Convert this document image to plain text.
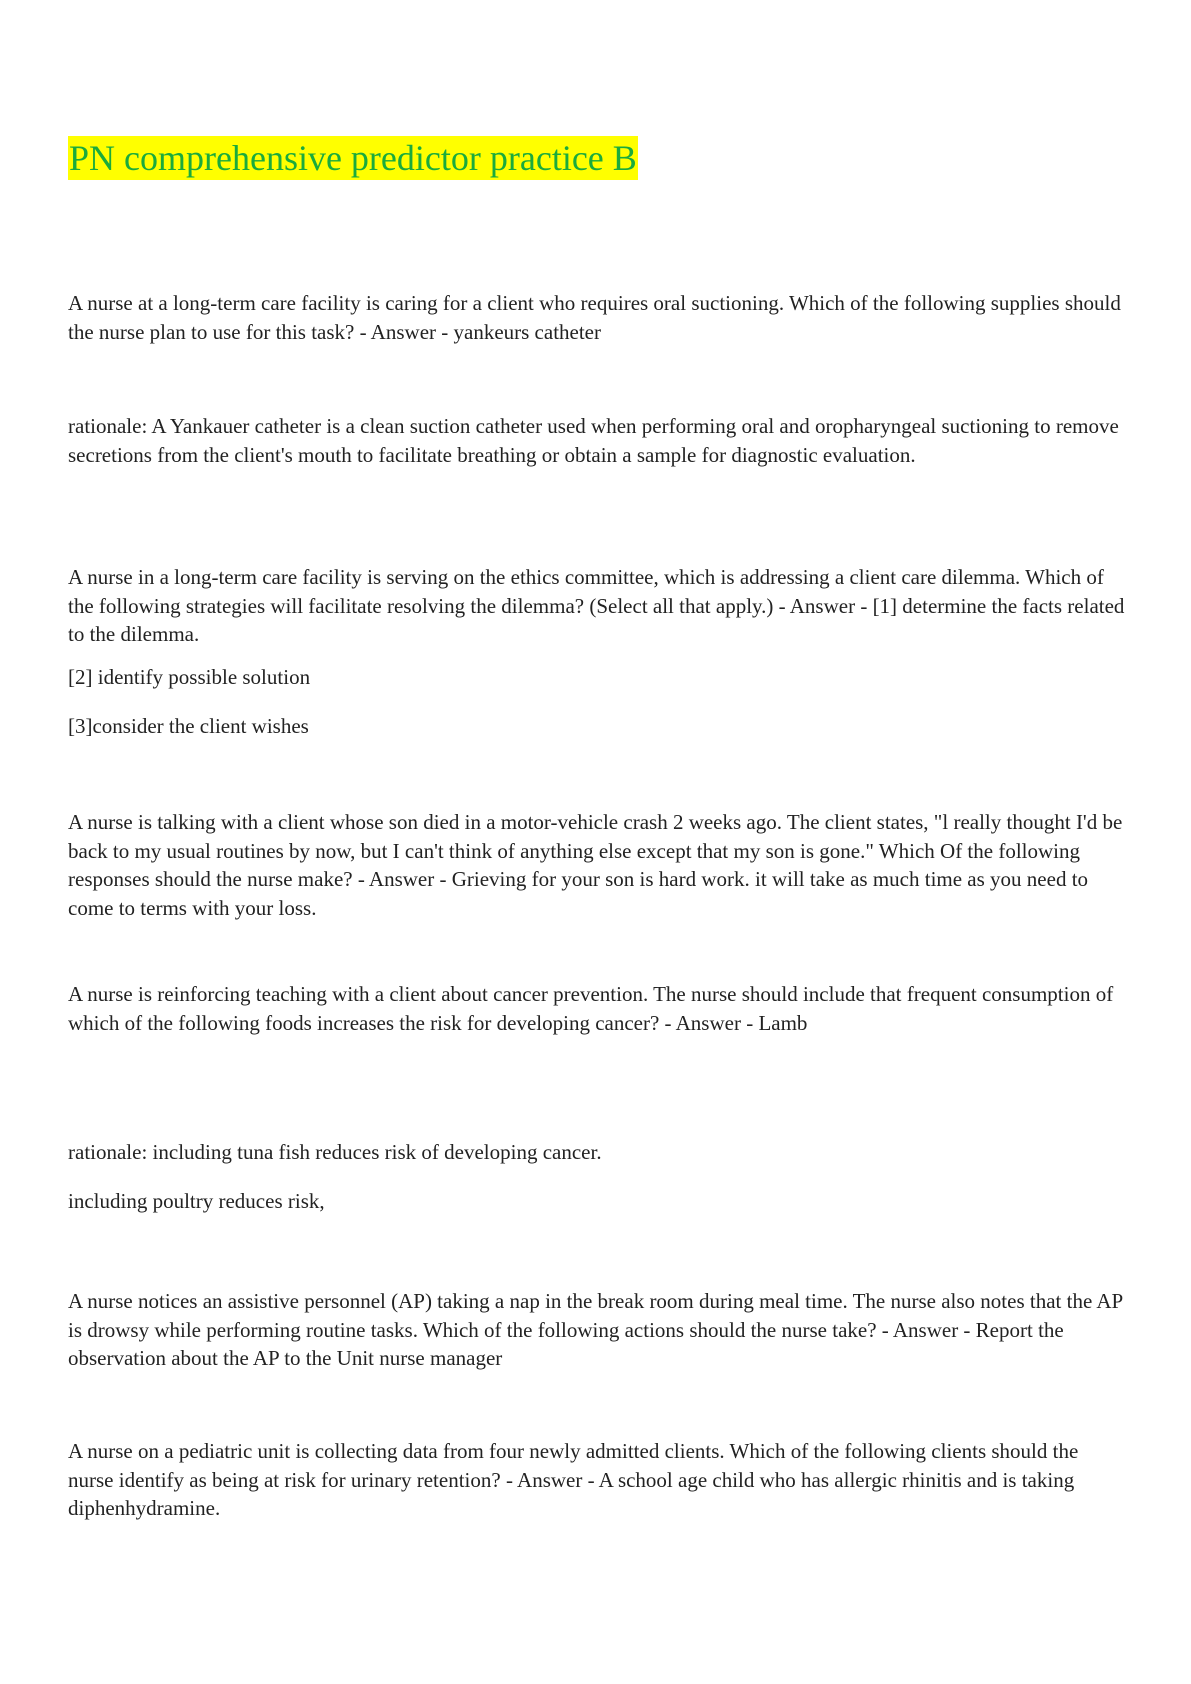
PN comprehensive predictor practice B

A nurse at a long-term care facility is caring for a client who requires oral suctioning. Which of the following supplies should the nurse plan to use for this task? - Answer - yankeurs catheter

rationale: A Yankauer catheter is a clean suction catheter used when performing oral and oropharyngeal suctioning to remove secretions from the client's mouth to facilitate breathing or obtain a sample for diagnostic evaluation.

A nurse in a long-term care facility is serving on the ethics committee, which is addressing a client care dilemma. Which of the following strategies will facilitate resolving the dilemma? (Select all that apply.) - Answer - [1] determine the facts related to the dilemma.

[2] identify possible solution

[3]consider the client wishes

A nurse is talking with a client whose son died in a motor-vehicle crash 2 weeks ago. The client states, "l really thought I'd be back to my usual routines by now, but I can't think of anything else except that my son is gone." Which Of the following responses should the nurse make? - Answer - Grieving for your son is hard work. it will take as much time as you need to come to terms with your loss.

A nurse is reinforcing teaching with a client about cancer prevention. The nurse should include that frequent consumption of which of the following foods increases the risk for developing cancer? - Answer - Lamb

rationale: including tuna fish reduces risk of developing cancer.

including poultry reduces risk,

A nurse notices an assistive personnel (AP) taking a nap in the break room during meal time. The nurse also notes that the AP is drowsy while performing routine tasks. Which of the following actions should the nurse take? - Answer - Report the observation about the AP to the Unit nurse manager

A nurse on a pediatric unit is collecting data from four newly admitted clients. Which of the following clients should the nurse identify as being at risk for urinary retention? - Answer - A school age child who has allergic rhinitis and is taking diphenhydramine.
